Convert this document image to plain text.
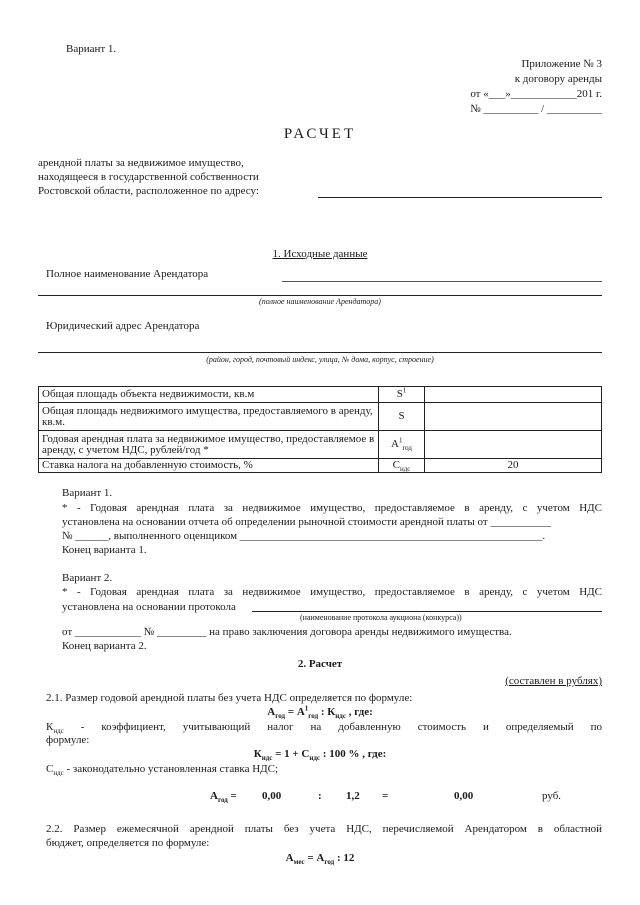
Вариант 1.
Приложение № 3
к договору аренды
от «___»____________201 г.
№ __________ / __________
РАСЧЕТ
арендной платы за недвижимое имущество,
находящееся в государственной собственности
Ростовской области, расположенное по адресу:
1. Исходные данные
Полное наименование Арендатора
(полное наименование Арендатора)
Юридический адрес Арендатора
(район, город, почтовый индекс, улица, № дома, корпус, строение)
Общая площадь объекта недвижимости, кв.м	$S^1$	
Общая площадь недвижимого имущества, предоставляемого в аренду, кв.м.	S	
Годовая арендная плата за недвижимое имущество, предоставляемое в аренду, с учетом НДС, рублей/год *	$А^1_{год}$	
Ставка налога на добавленную стоимость, %	$С_{ндс}$	20
Вариант 1.
* - Годовая арендная плата за недвижимое имущество, предоставляемое в аренду, с учетом НДС
установлена на основании отчета об определении рыночной стоимости арендной платы от ___________
№ ______, выполненного оценщиком _______________________________________________________.
Конец варианта 1.
Вариант 2.
* - Годовая арендная плата за недвижимое имущество, предоставляемое в аренду, с учетом НДС
установлена на основании протокола
(наименование протокола аукциона (конкурса))
от ____________ № _________ на право заключения договора аренды недвижимого имущества.
Конец варианта 2.
2. Расчет
(составлен в рублях)
2.1. Размер годовой арендной платы без учета НДС определяется по формуле:
$А_{год} = А^1_{год}$ : $К_{ндс}$ , где:
$К_{ндс}$ - коэффициент, учитывающий налог на добавленную стоимость и определяемый по
формуле:
$К_{ндс} = 1 + С_{ндс}$ : 100 % , где:
$С_{ндс}$ - законодательно установленная ставка НДС;
$А_{год} = 0,00$	: 1,2 =	0,00	руб.
2.2. Размер ежемесячной арендной платы без учета НДС, перечисляемой Арендатором в областной
бюджет, определяется по формуле:
$А_{мес} = А_{год}$ : 12
